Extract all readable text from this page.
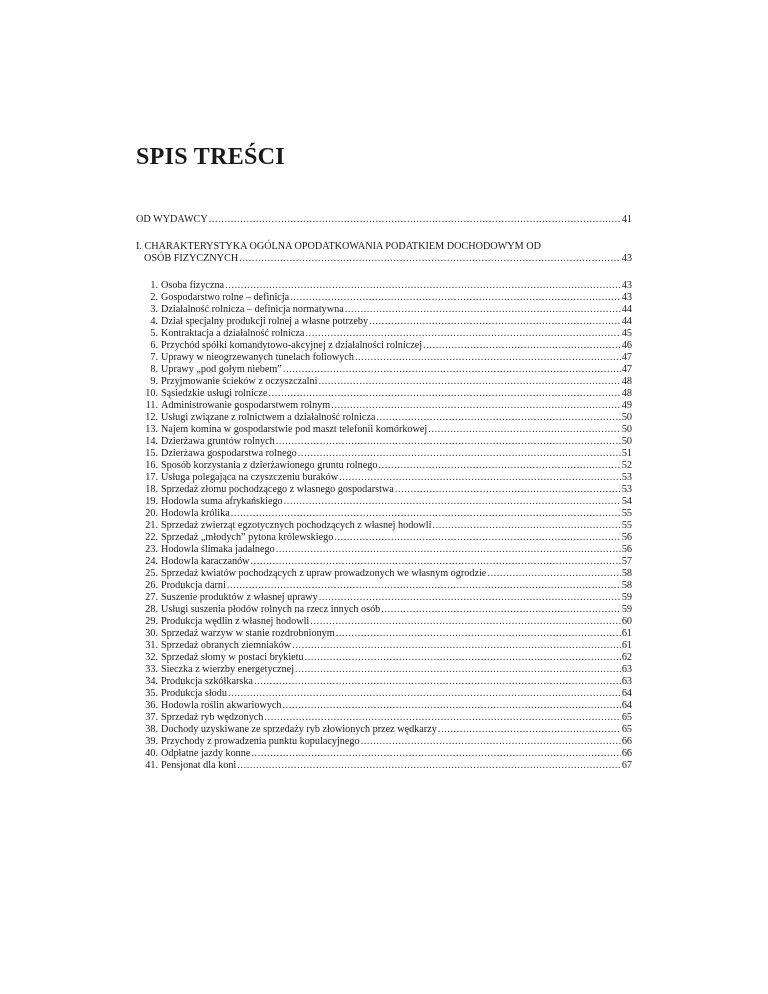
SPIS TREŚCI
OD WYDAWCY .....	41
I. CHARAKTERYSTYKA OGÓLNA OPODATKOWANIA PODATKIEM DOCHODOWYM OD
OSÓB FIZYCZNYCH .....	43
1. Osoba fizyczna .....	43
2. Gospodarstwo rolne – definicja .....	43
3. Działalność rolnicza – definicja normatywna .....	44
4. Dział specjalny produkcji rolnej a własne potrzeby .....	44
5. Kontraktacja a działalność rolnicza .....	45
6. Przychód spółki komandytowo-akcyjnej z działalności rolniczej .....	46
7. Uprawy w nieogrzewanych tunelach foliowych .....	47
8. Uprawy „pod gołym niebem” .....	47
9. Przyjmowanie ścieków z oczyszczalni .....	48
10. Sąsiedzkie usługi rolnicze .....	48
11. Administrowanie gospodarstwem rolnym .....	49
12. Usługi związane z rolnictwem a działalność rolnicza .....	50
13. Najem komina w gospodarstwie pod maszt telefonii komórkowej .....	50
14. Dzierżawa gruntów rolnych .....	50
15. Dzierżawa gospodarstwa rolnego .....	51
16. Sposób korzystania z dzierżawionego gruntu rolnego .....	52
17. Usługa polegająca na czyszczeniu buraków .....	53
18. Sprzedaż złomu pochodzącego z własnego gospodarstwa .....	53
19. Hodowla suma afrykańskiego .....	54
20. Hodowla królika .....	55
21. Sprzedaż zwierząt egzotycznych pochodzących z własnej hodowli .....	55
22. Sprzedaż „młodych” pytona królewskiego .....	56
23. Hodowla ślimaka jadalnego .....	56
24. Hodowla karaczanów .....	57
25. Sprzedaż kwiatów pochodzących z upraw prowadzonych we własnym ogrodzie .....	58
26. Produkcja darni .....	58
27. Suszenie produktów z własnej uprawy .....	59
28. Usługi suszenia płodów rolnych na rzecz innych osób .....	59
29. Produkcja wędlin z własnej hodowli .....	60
30. Sprzedaż warzyw w stanie rozdrobnionym .....	61
31. Sprzedaż obranych ziemniaków .....	61
32. Sprzedaż słomy w postaci brykietu .....	62
33. Sieczka z wierzby energetycznej .....	63
34. Produkcja szkółkarska .....	63
35. Produkcja słodu .....	64
36. Hodowla roślin akwariowych .....	64
37. Sprzedaż ryb wędzonych .....	65
38. Dochody uzyskiwane ze sprzedaży ryb złowionych przez wędkarzy .....	65
39. Przychody z prowadzenia punktu kopulacyjnego .....	66
40. Odpłatne jazdy konne .....	66
41. Pensjonat dla koni .....	67
